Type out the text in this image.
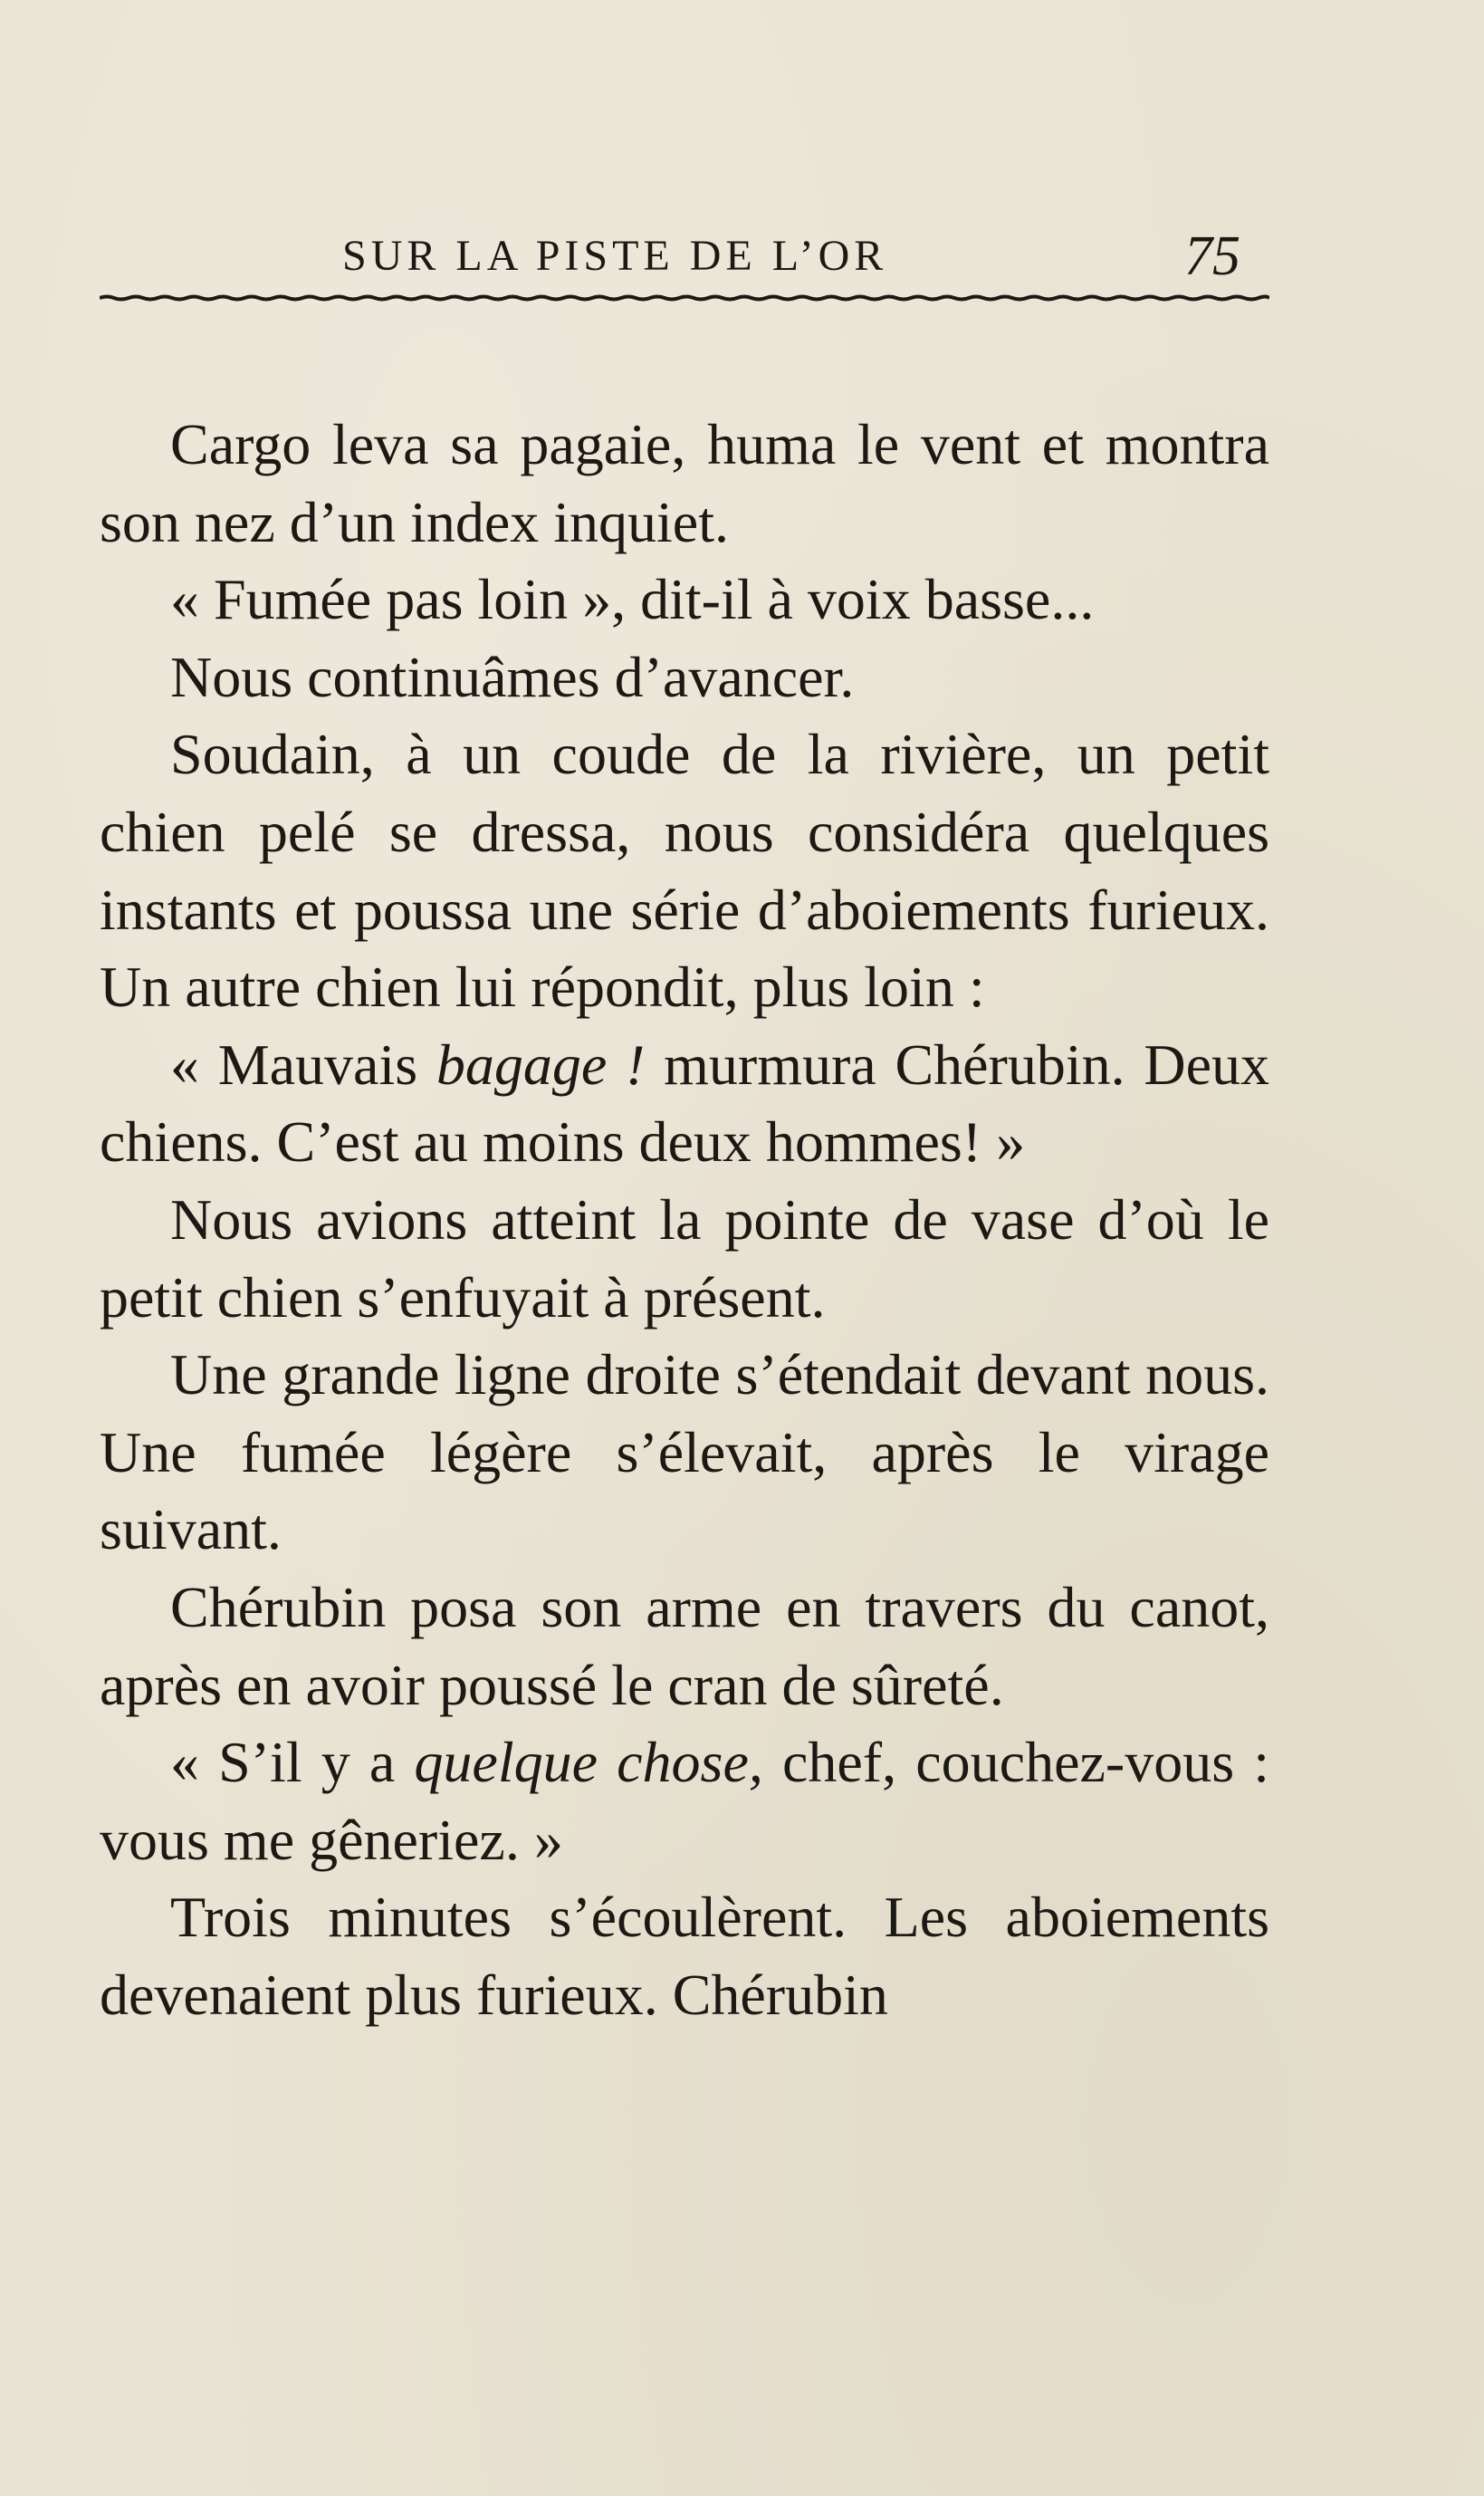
SUR LA PISTE DE L’OR	75

Cargo leva sa pagaie, huma le vent et montra son nez d’un index inquiet.

« Fumée pas loin », dit-il à voix basse...

Nous continuâmes d’avancer.

Soudain, à un coude de la rivière, un petit chien pelé se dressa, nous considéra quelques instants et poussa une série d’aboiements furieux. Un autre chien lui répondit, plus loin :

« Mauvais bagage ! murmura Chérubin. Deux chiens. C’est au moins deux hommes! »

Nous avions atteint la pointe de vase d’où le petit chien s’enfuyait à présent.

Une grande ligne droite s’étendait devant nous. Une fumée légère s’élevait, après le virage suivant.

Chérubin posa son arme en travers du canot, après en avoir poussé le cran de sûreté.

« S’il y a quelque chose, chef, couchez-vous : vous me gêneriez. »

Trois minutes s’écoulèrent. Les aboiements devenaient plus furieux. Chérubin
